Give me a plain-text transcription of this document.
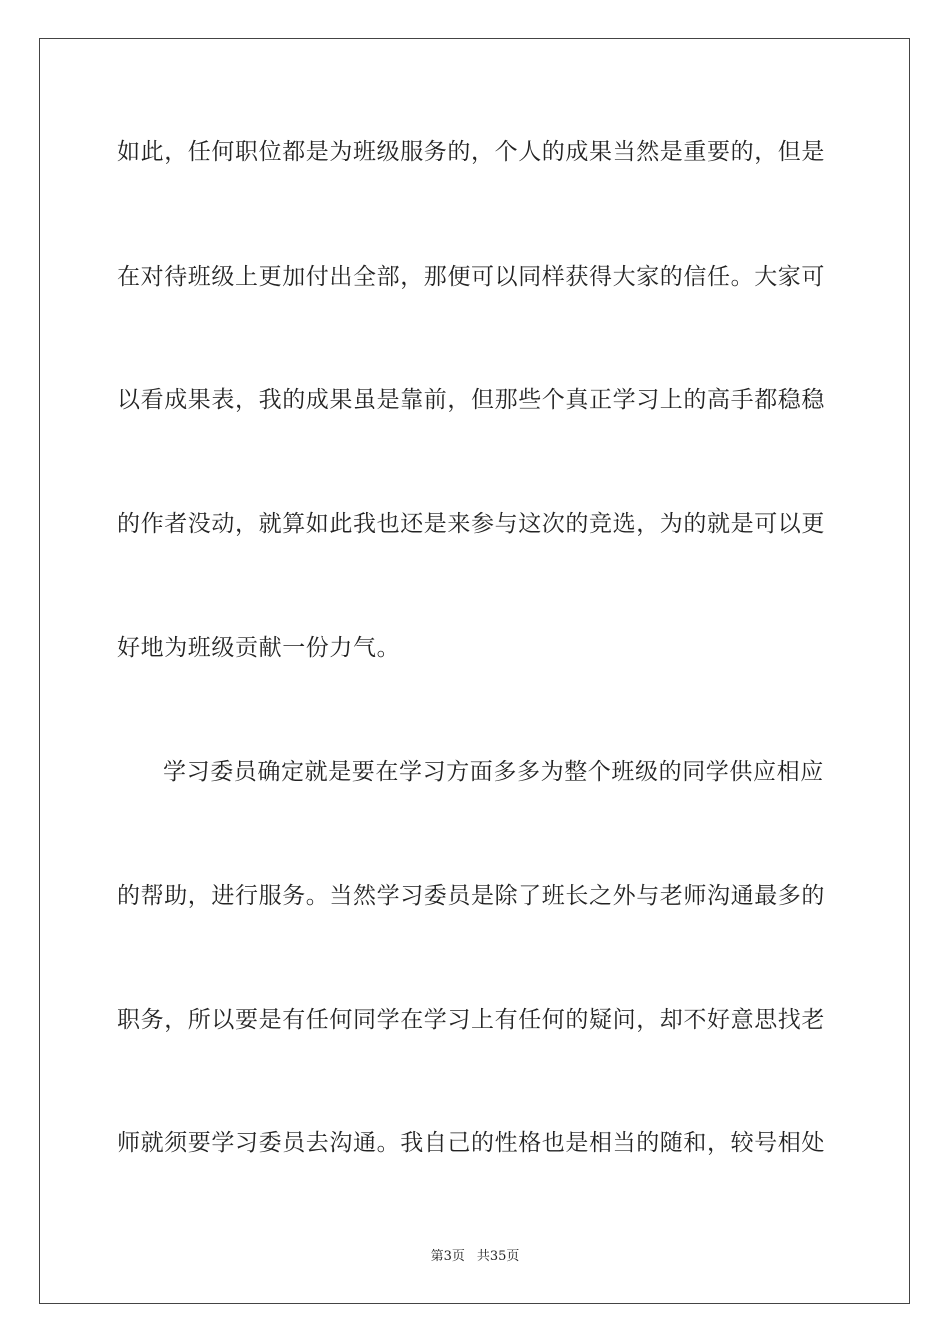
如此，任何职位都是为班级服务的，个人的成果当然是重要的，但是
在对待班级上更加付出全部，那便可以同样获得大家的信任。大家可
以看成果表，我的成果虽是靠前，但那些个真正学习上的高手都稳稳
的作者没动，就算如此我也还是来参与这次的竞选，为的就是可以更
好地为班级贡献一份力气。
学习委员确定就是要在学习方面多多为整个班级的同学供应相应
的帮助，进行服务。当然学习委员是除了班长之外与老师沟通最多的
职务，所以要是有任何同学在学习上有任何的疑问，却不好意思找老
师就须要学习委员去沟通。我自己的性格也是相当的随和，较号相处
第3页 共35页
